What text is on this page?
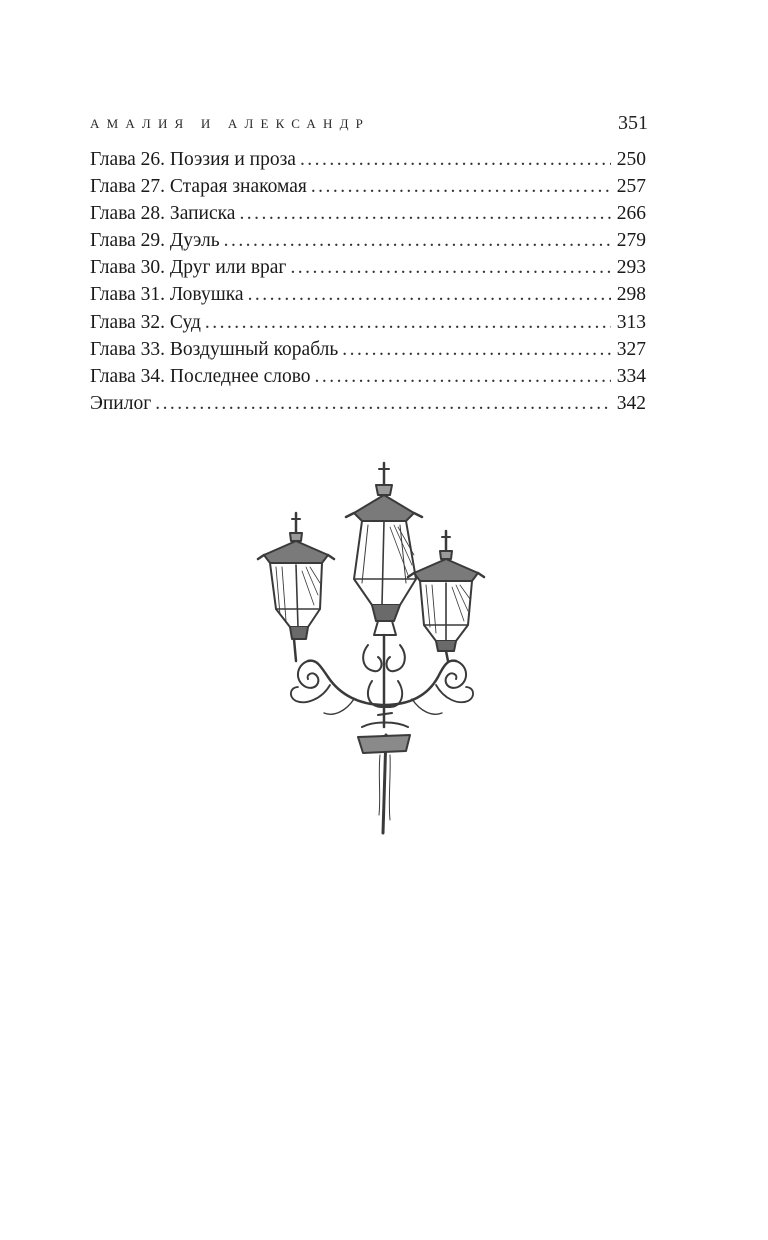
АМАЛИЯ И АЛЕКСАНДР	351
Глава 26. Поэзия и проза . . .	250
Глава 27. Старая знакомая . . .	257
Глава 28. Записка . . .	266
Глава 29. Дуэль . . .	279
Глава 30. Друг или враг . . .	293
Глава 31. Ловушка . . .	298
Глава 32. Суд . . .	313
Глава 33. Воздушный корабль . . .	327
Глава 34. Последнее слово . . .	334
Эпилог . . .	342
